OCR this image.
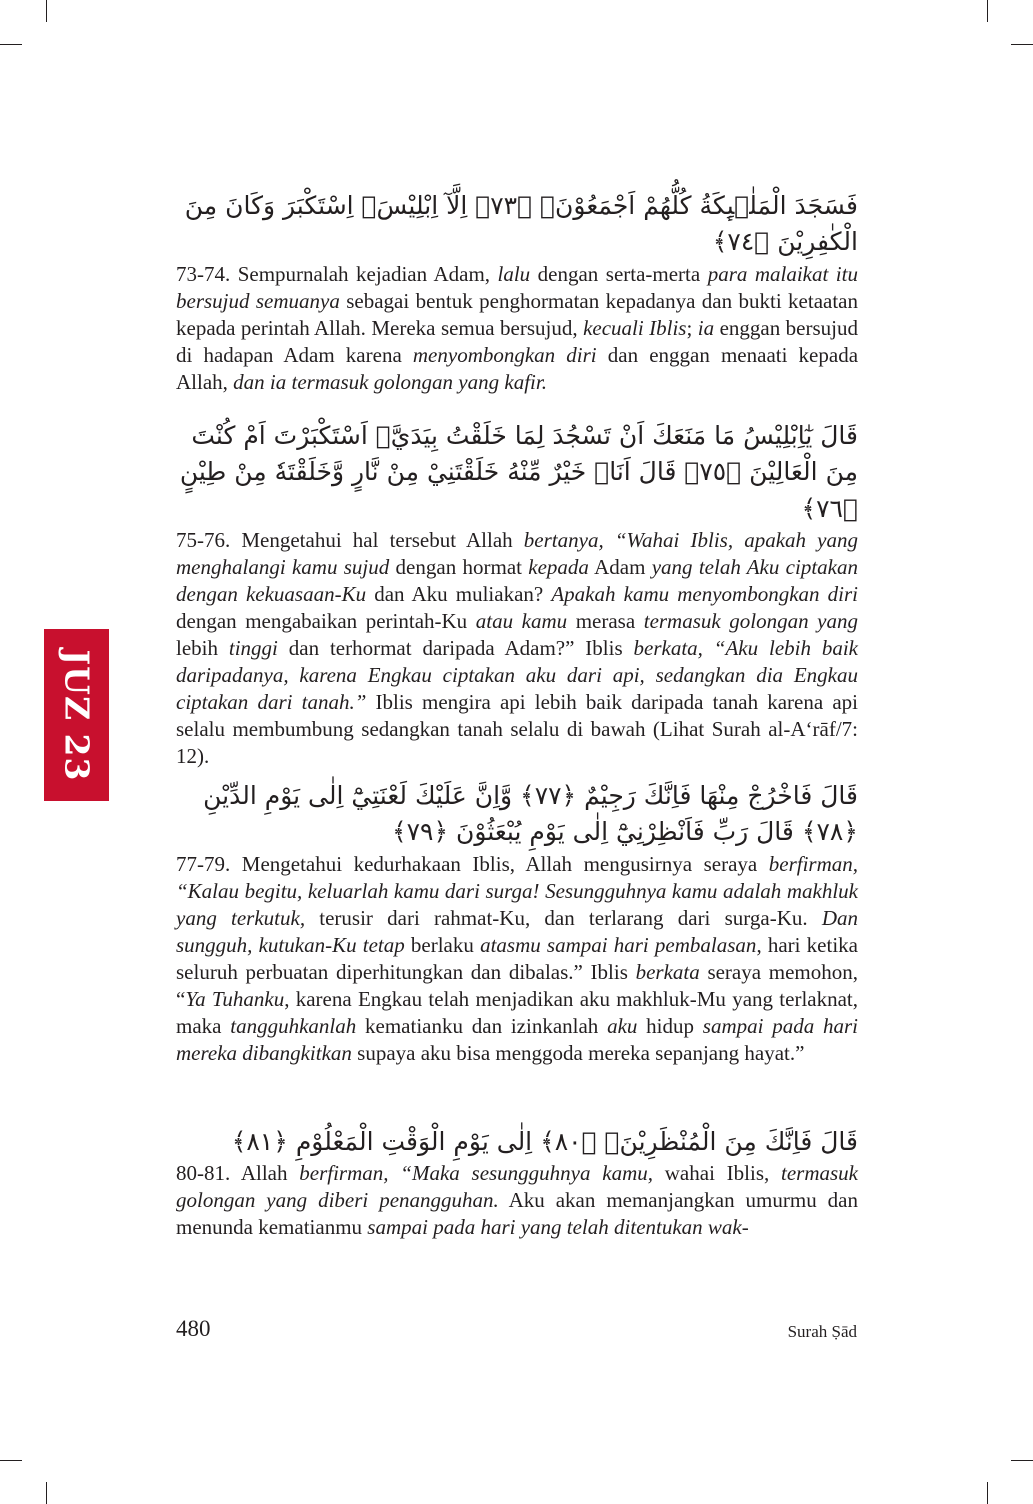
JUZ 23

فَسَجَدَ الْمَلٰۤىِٕكَةُ كُلُّهُمْ اَجْمَعُوْنَۙ ﴿٧٣﴾ اِلَّآ اِبْلِيْسَۗ اِسْتَكْبَرَ وَكَانَ مِنَ الْكٰفِرِيْنَ ﴿٧٤﴾

73-74. Sempurnalah kejadian Adam, lalu dengan serta-merta para malaikat itu bersujud semuanya sebagai bentuk penghormatan kepadanya dan bukti ketaatan kepada perintah Allah. Mereka semua bersujud, kecuali Iblis; ia enggan bersujud di hadapan Adam karena menyombongkan diri dan enggan menaati kepada Allah, dan ia termasuk golongan yang kafir.

قَالَ يٰٓاِبْلِيْسُ مَا مَنَعَكَ اَنْ تَسْجُدَ لِمَا خَلَقْتُ بِيَدَيَّۗ اَسْتَكْبَرْتَ اَمْ كُنْتَ مِنَ الْعَالِيْنَ ﴿٧٥﴾ قَالَ اَنَا۠ خَيْرٌ مِّنْهُ خَلَقْتَنِيْ مِنْ نَّارٍ وَّخَلَقْتَهٗ مِنْ طِيْنٍ ﴿٧٦﴾

75-76. Mengetahui hal tersebut Allah bertanya, “Wahai Iblis, apakah yang menghalangi kamu sujud dengan hormat kepada Adam yang telah Aku ciptakan dengan kekuasaan-Ku dan Aku muliakan? Apakah kamu menyombongkan diri dengan mengabaikan perintah-Ku atau kamu merasa termasuk golongan yang lebih tinggi dan terhormat daripada Adam?” Iblis berkata, “Aku lebih baik daripadanya, karena Engkau ciptakan aku dari api, sedangkan dia Engkau ciptakan dari tanah.” Iblis mengira api lebih baik daripada tanah karena api selalu membumbung sedangkan tanah selalu di bawah (Lihat Surah al-A‘rāf/7: 12).

قَالَ فَاخْرُجْ مِنْهَا فَاِنَّكَ رَجِيْمٌ ﴿٧٧﴾ وَّاِنَّ عَلَيْكَ لَعْنَتِيْٓ اِلٰى يَوْمِ الدِّيْنِ ﴿٧٨﴾ قَالَ رَبِّ فَاَنْظِرْنِيْٓ اِلٰى يَوْمِ يُبْعَثُوْنَ ﴿٧٩﴾

77-79. Mengetahui kedurhakaan Iblis, Allah mengusirnya seraya berfirman, “Kalau begitu, keluarlah kamu dari surga! Sesungguhnya kamu adalah makhluk yang terkutuk, terusir dari rahmat-Ku, dan terlarang dari surga-Ku. Dan sungguh, kutukan-Ku tetap berlaku atasmu sampai hari pembalasan, hari ketika seluruh perbuatan diperhitungkan dan dibalas.” Iblis berkata seraya memohon, “Ya Tuhanku, karena Engkau telah menjadikan aku makhluk-Mu yang terlaknat, maka tangguhkanlah kematianku dan izinkanlah aku hidup sampai pada hari mereka dibangkitkan supaya aku bisa menggoda mereka sepanjang hayat.”

قَالَ فَاِنَّكَ مِنَ الْمُنْظَرِيْنَۙ ﴿٨٠﴾ اِلٰى يَوْمِ الْوَقْتِ الْمَعْلُوْمِ ﴿٨١﴾

80-81. Allah berfirman, “Maka sesungguhnya kamu, wahai Iblis, termasuk golongan yang diberi penangguhan. Aku akan memanjangkan umurmu dan menunda kematianmu sampai pada hari yang telah ditentukan wak-

480	Surah Ṣād
